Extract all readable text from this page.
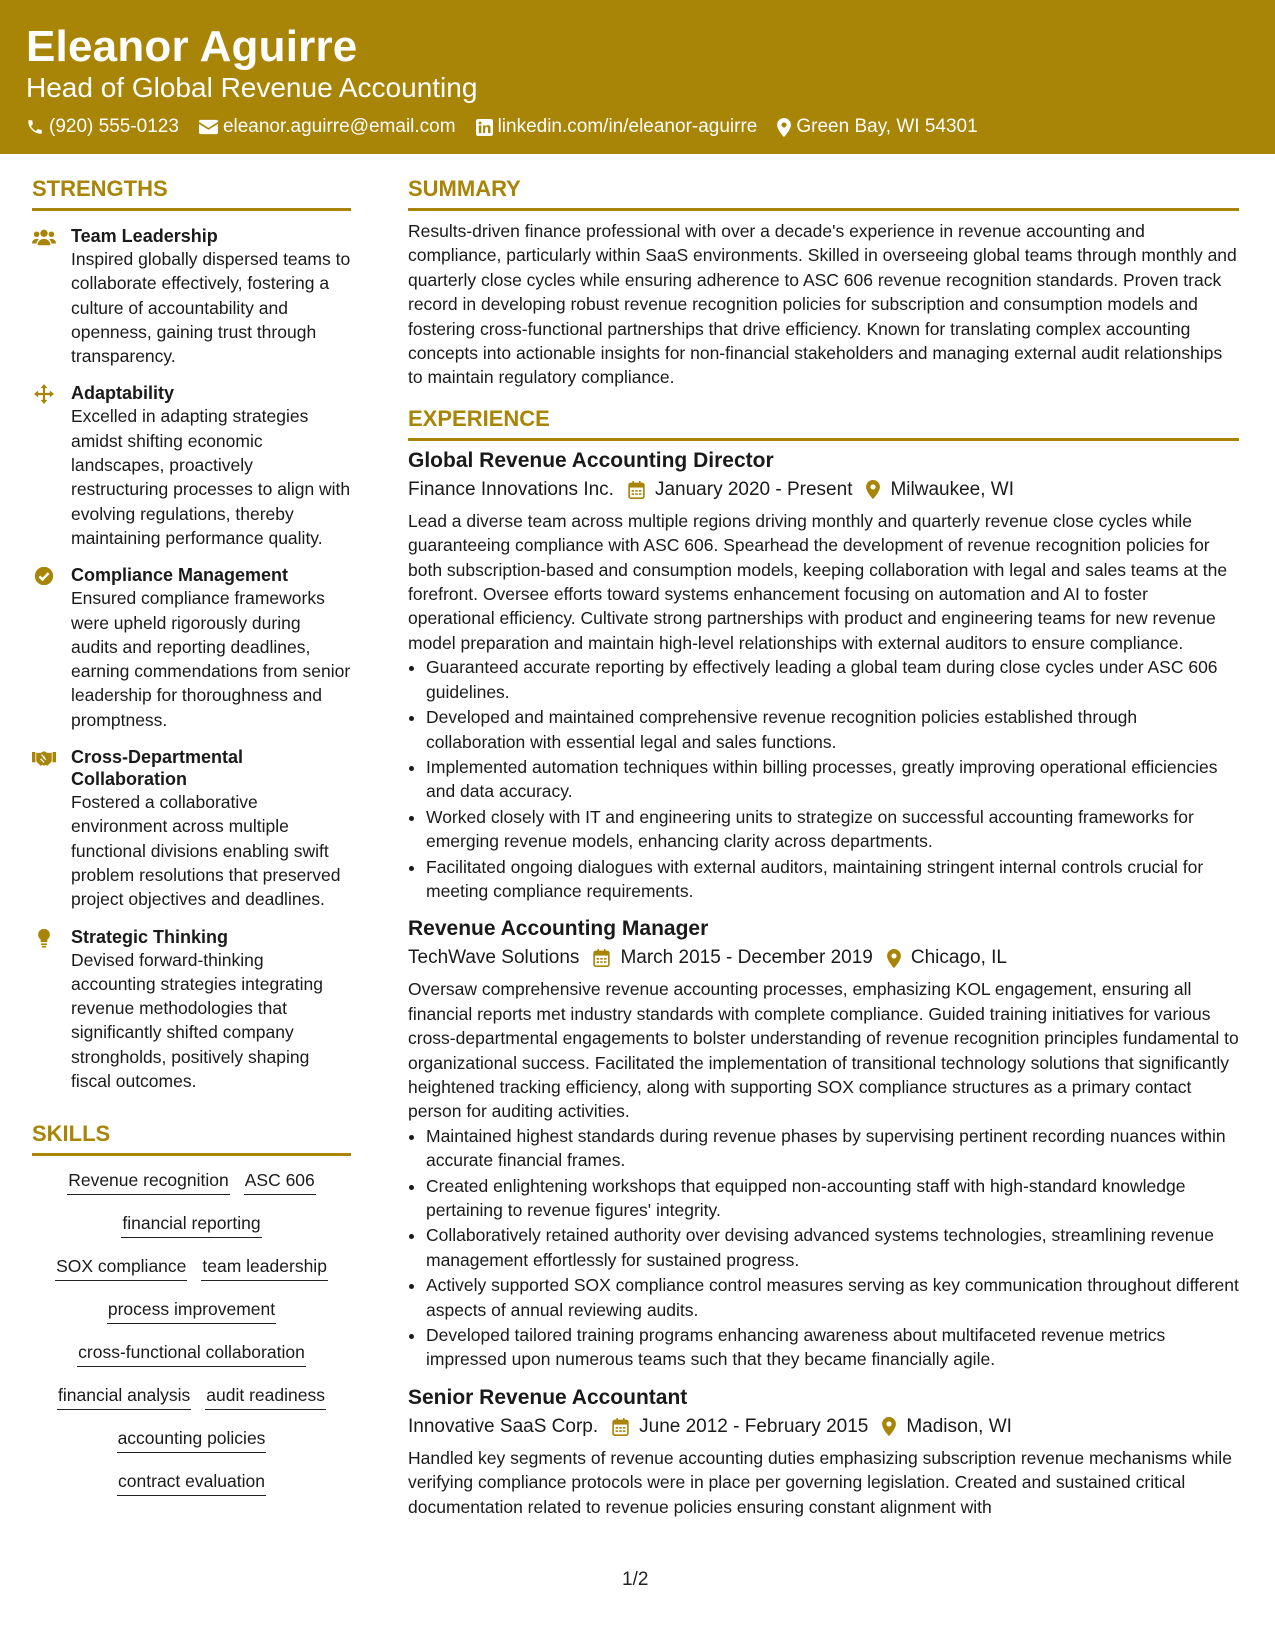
Eleanor Aguirre
Head of Global Revenue Accounting
(920) 555-0123 eleanor.aguirre@email.com linkedin.com/in/eleanor-aguirre Green Bay, WI 54301
STRENGTHS
Team Leadership
Inspired globally dispersed teams to collaborate effectively, fostering a culture of accountability and openness, gaining trust through transparency.
Adaptability
Excelled in adapting strategies amidst shifting economic landscapes, proactively restructuring processes to align with evolving regulations, thereby maintaining performance quality.
Compliance Management
Ensured compliance frameworks were upheld rigorously during audits and reporting deadlines, earning commendations from senior leadership for thoroughness and promptness.
Cross-Departmental Collaboration
Fostered a collaborative environment across multiple functional divisions enabling swift problem resolutions that preserved project objectives and deadlines.
Strategic Thinking
Devised forward-thinking accounting strategies integrating revenue methodologies that significantly shifted company strongholds, positively shaping fiscal outcomes.
SKILLS
Revenue recognition ASC 606
financial reporting
SOX compliance team leadership
process improvement
cross-functional collaboration
financial analysis audit readiness
accounting policies
contract evaluation
SUMMARY
Results-driven finance professional with over a decade's experience in revenue accounting and compliance, particularly within SaaS environments. Skilled in overseeing global teams through monthly and quarterly close cycles while ensuring adherence to ASC 606 revenue recognition standards. Proven track record in developing robust revenue recognition policies for subscription and consumption models and fostering cross-functional partnerships that drive efficiency. Known for translating complex accounting concepts into actionable insights for non-financial stakeholders and managing external audit relationships to maintain regulatory compliance.
EXPERIENCE
Global Revenue Accounting Director
Finance Innovations Inc. January 2020 - Present Milwaukee, WI
Lead a diverse team across multiple regions driving monthly and quarterly revenue close cycles while guaranteeing compliance with ASC 606. Spearhead the development of revenue recognition policies for both subscription-based and consumption models, keeping collaboration with legal and sales teams at the forefront. Oversee efforts toward systems enhancement focusing on automation and AI to foster operational efficiency. Cultivate strong partnerships with product and engineering teams for new revenue model preparation and maintain high-level relationships with external auditors to ensure compliance.
• Guaranteed accurate reporting by effectively leading a global team during close cycles under ASC 606 guidelines.
• Developed and maintained comprehensive revenue recognition policies established through collaboration with essential legal and sales functions.
• Implemented automation techniques within billing processes, greatly improving operational efficiencies and data accuracy.
• Worked closely with IT and engineering units to strategize on successful accounting frameworks for emerging revenue models, enhancing clarity across departments.
• Facilitated ongoing dialogues with external auditors, maintaining stringent internal controls crucial for meeting compliance requirements.
Revenue Accounting Manager
TechWave Solutions March 2015 - December 2019 Chicago, IL
Oversaw comprehensive revenue accounting processes, emphasizing KOL engagement, ensuring all financial reports met industry standards with complete compliance. Guided training initiatives for various cross-departmental engagements to bolster understanding of revenue recognition principles fundamental to organizational success. Facilitated the implementation of transitional technology solutions that significantly heightened tracking efficiency, along with supporting SOX compliance structures as a primary contact person for auditing activities.
• Maintained highest standards during revenue phases by supervising pertinent recording nuances within accurate financial frames.
• Created enlightening workshops that equipped non-accounting staff with high-standard knowledge pertaining to revenue figures' integrity.
• Collaboratively retained authority over devising advanced systems technologies, streamlining revenue management effortlessly for sustained progress.
• Actively supported SOX compliance control measures serving as key communication throughout different aspects of annual reviewing audits.
• Developed tailored training programs enhancing awareness about multifaceted revenue metrics impressed upon numerous teams such that they became financially agile.
Senior Revenue Accountant
Innovative SaaS Corp. June 2012 - February 2015 Madison, WI
Handled key segments of revenue accounting duties emphasizing subscription revenue mechanisms while verifying compliance protocols were in place per governing legislation. Created and sustained critical documentation related to revenue policies ensuring constant alignment with
1/2
